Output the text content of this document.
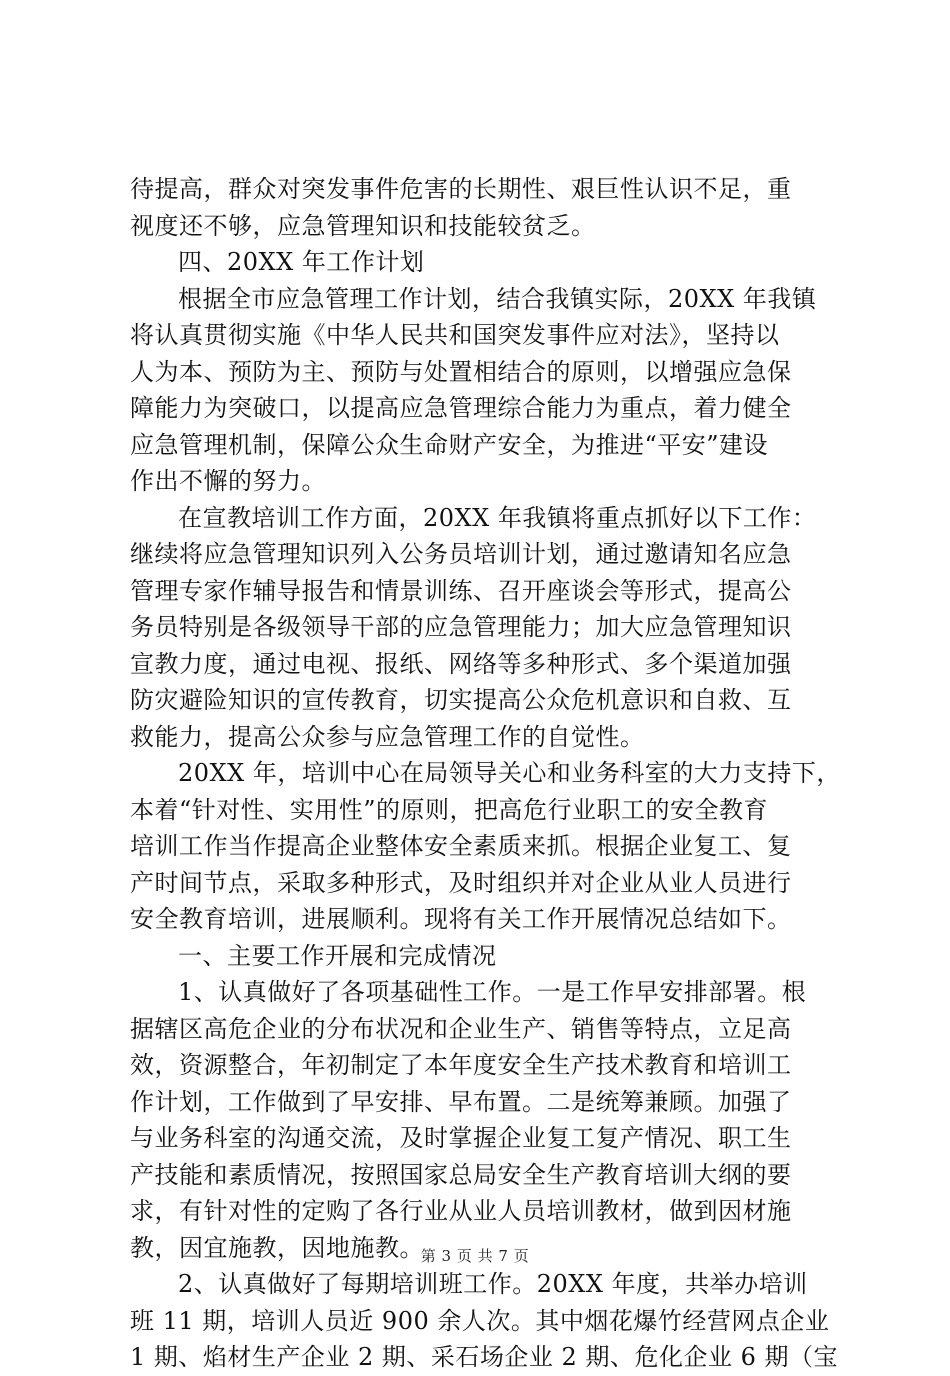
待提高，群众对突发事件危害的长期性、艰巨性认识不足，重
视度还不够，应急管理知识和技能较贫乏。
四、20XX 年工作计划
根据全市应急管理工作计划，结合我镇实际，20XX 年我镇
将认真贯彻实施《中华人民共和国突发事件应对法》，坚持以
人为本、预防为主、预防与处置相结合的原则，以增强应急保
障能力为突破口，以提高应急管理综合能力为重点，着力健全
应急管理机制，保障公众生命财产安全，为推进“平安”建设
作出不懈的努力。
在宣教培训工作方面，20XX 年我镇将重点抓好以下工作：
继续将应急管理知识列入公务员培训计划，通过邀请知名应急
管理专家作辅导报告和情景训练、召开座谈会等形式，提高公
务员特别是各级领导干部的应急管理能力；加大应急管理知识
宣教力度，通过电视、报纸、网络等多种形式、多个渠道加强
防灾避险知识的宣传教育，切实提高公众危机意识和自救、互
救能力，提高公众参与应急管理工作的自觉性。
20XX 年，培训中心在局领导关心和业务科室的大力支持下，
本着“针对性、实用性”的原则，把高危行业职工的安全教育
培训工作当作提高企业整体安全素质来抓。根据企业复工、复
产时间节点，采取多种形式，及时组织并对企业从业人员进行
安全教育培训，进展顺利。现将有关工作开展情况总结如下。
一、主要工作开展和完成情况
1、认真做好了各项基础性工作。一是工作早安排部署。根
据辖区高危企业的分布状况和企业生产、销售等特点，立足高
效，资源整合，年初制定了本年度安全生产技术教育和培训工
作计划，工作做到了早安排、早布置。二是统筹兼顾。加强了
与业务科室的沟通交流，及时掌握企业复工复产情况、职工生
产技能和素质情况，按照国家总局安全生产教育培训大纲的要
求，有针对性的定购了各行业从业人员培训教材，做到因材施
教，因宜施教，因地施教。
2、认真做好了每期培训班工作。20XX 年度，共举办培训
班 11 期，培训人员近 900 余人次。其中烟花爆竹经营网点企业
1 期、焰材生产企业 2 期、采石场企业 2 期、危化企业 6 期（宝
第 3 页 共 7 页
